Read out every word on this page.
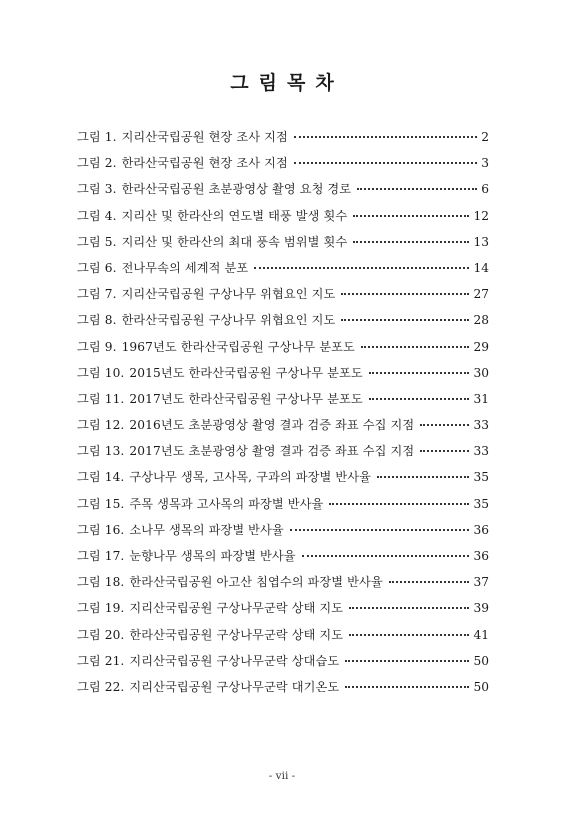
그림목차
그림 1. 지리산국립공원 현장 조사 지점	2
그림 2. 한라산국립공원 현장 조사 지점	3
그림 3. 한라산국립공원 초분광영상 촬영 요청 경로	6
그림 4. 지리산 및 한라산의 연도별 태풍 발생 횟수	12
그림 5. 지리산 및 한라산의 최대 풍속 범위별 횟수	13
그림 6. 전나무속의 세계적 분포	14
그림 7. 지리산국립공원 구상나무 위협요인 지도	27
그림 8. 한라산국립공원 구상나무 위협요인 지도	28
그림 9. 1967년도 한라산국립공원 구상나무 분포도	29
그림 10. 2015년도 한라산국립공원 구상나무 분포도	30
그림 11. 2017년도 한라산국립공원 구상나무 분포도	31
그림 12. 2016년도 초분광영상 촬영 결과 검증 좌표 수집 지점	33
그림 13. 2017년도 초분광영상 촬영 결과 검증 좌표 수집 지점	33
그림 14. 구상나무 생목, 고사목, 구과의 파장별 반사율	35
그림 15. 주목 생목과 고사목의 파장별 반사율	35
그림 16. 소나무 생목의 파장별 반사율	36
그림 17. 눈향나무 생목의 파장별 반사율	36
그림 18. 한라산국립공원 아고산 침엽수의 파장별 반사율	37
그림 19. 지리산국립공원 구상나무군락 상태 지도	39
그림 20. 한라산국립공원 구상나무군락 상태 지도	41
그림 21. 지리산국립공원 구상나무군락 상대습도	50
그림 22. 지리산국립공원 구상나무군락 대기온도	50
- vii -
